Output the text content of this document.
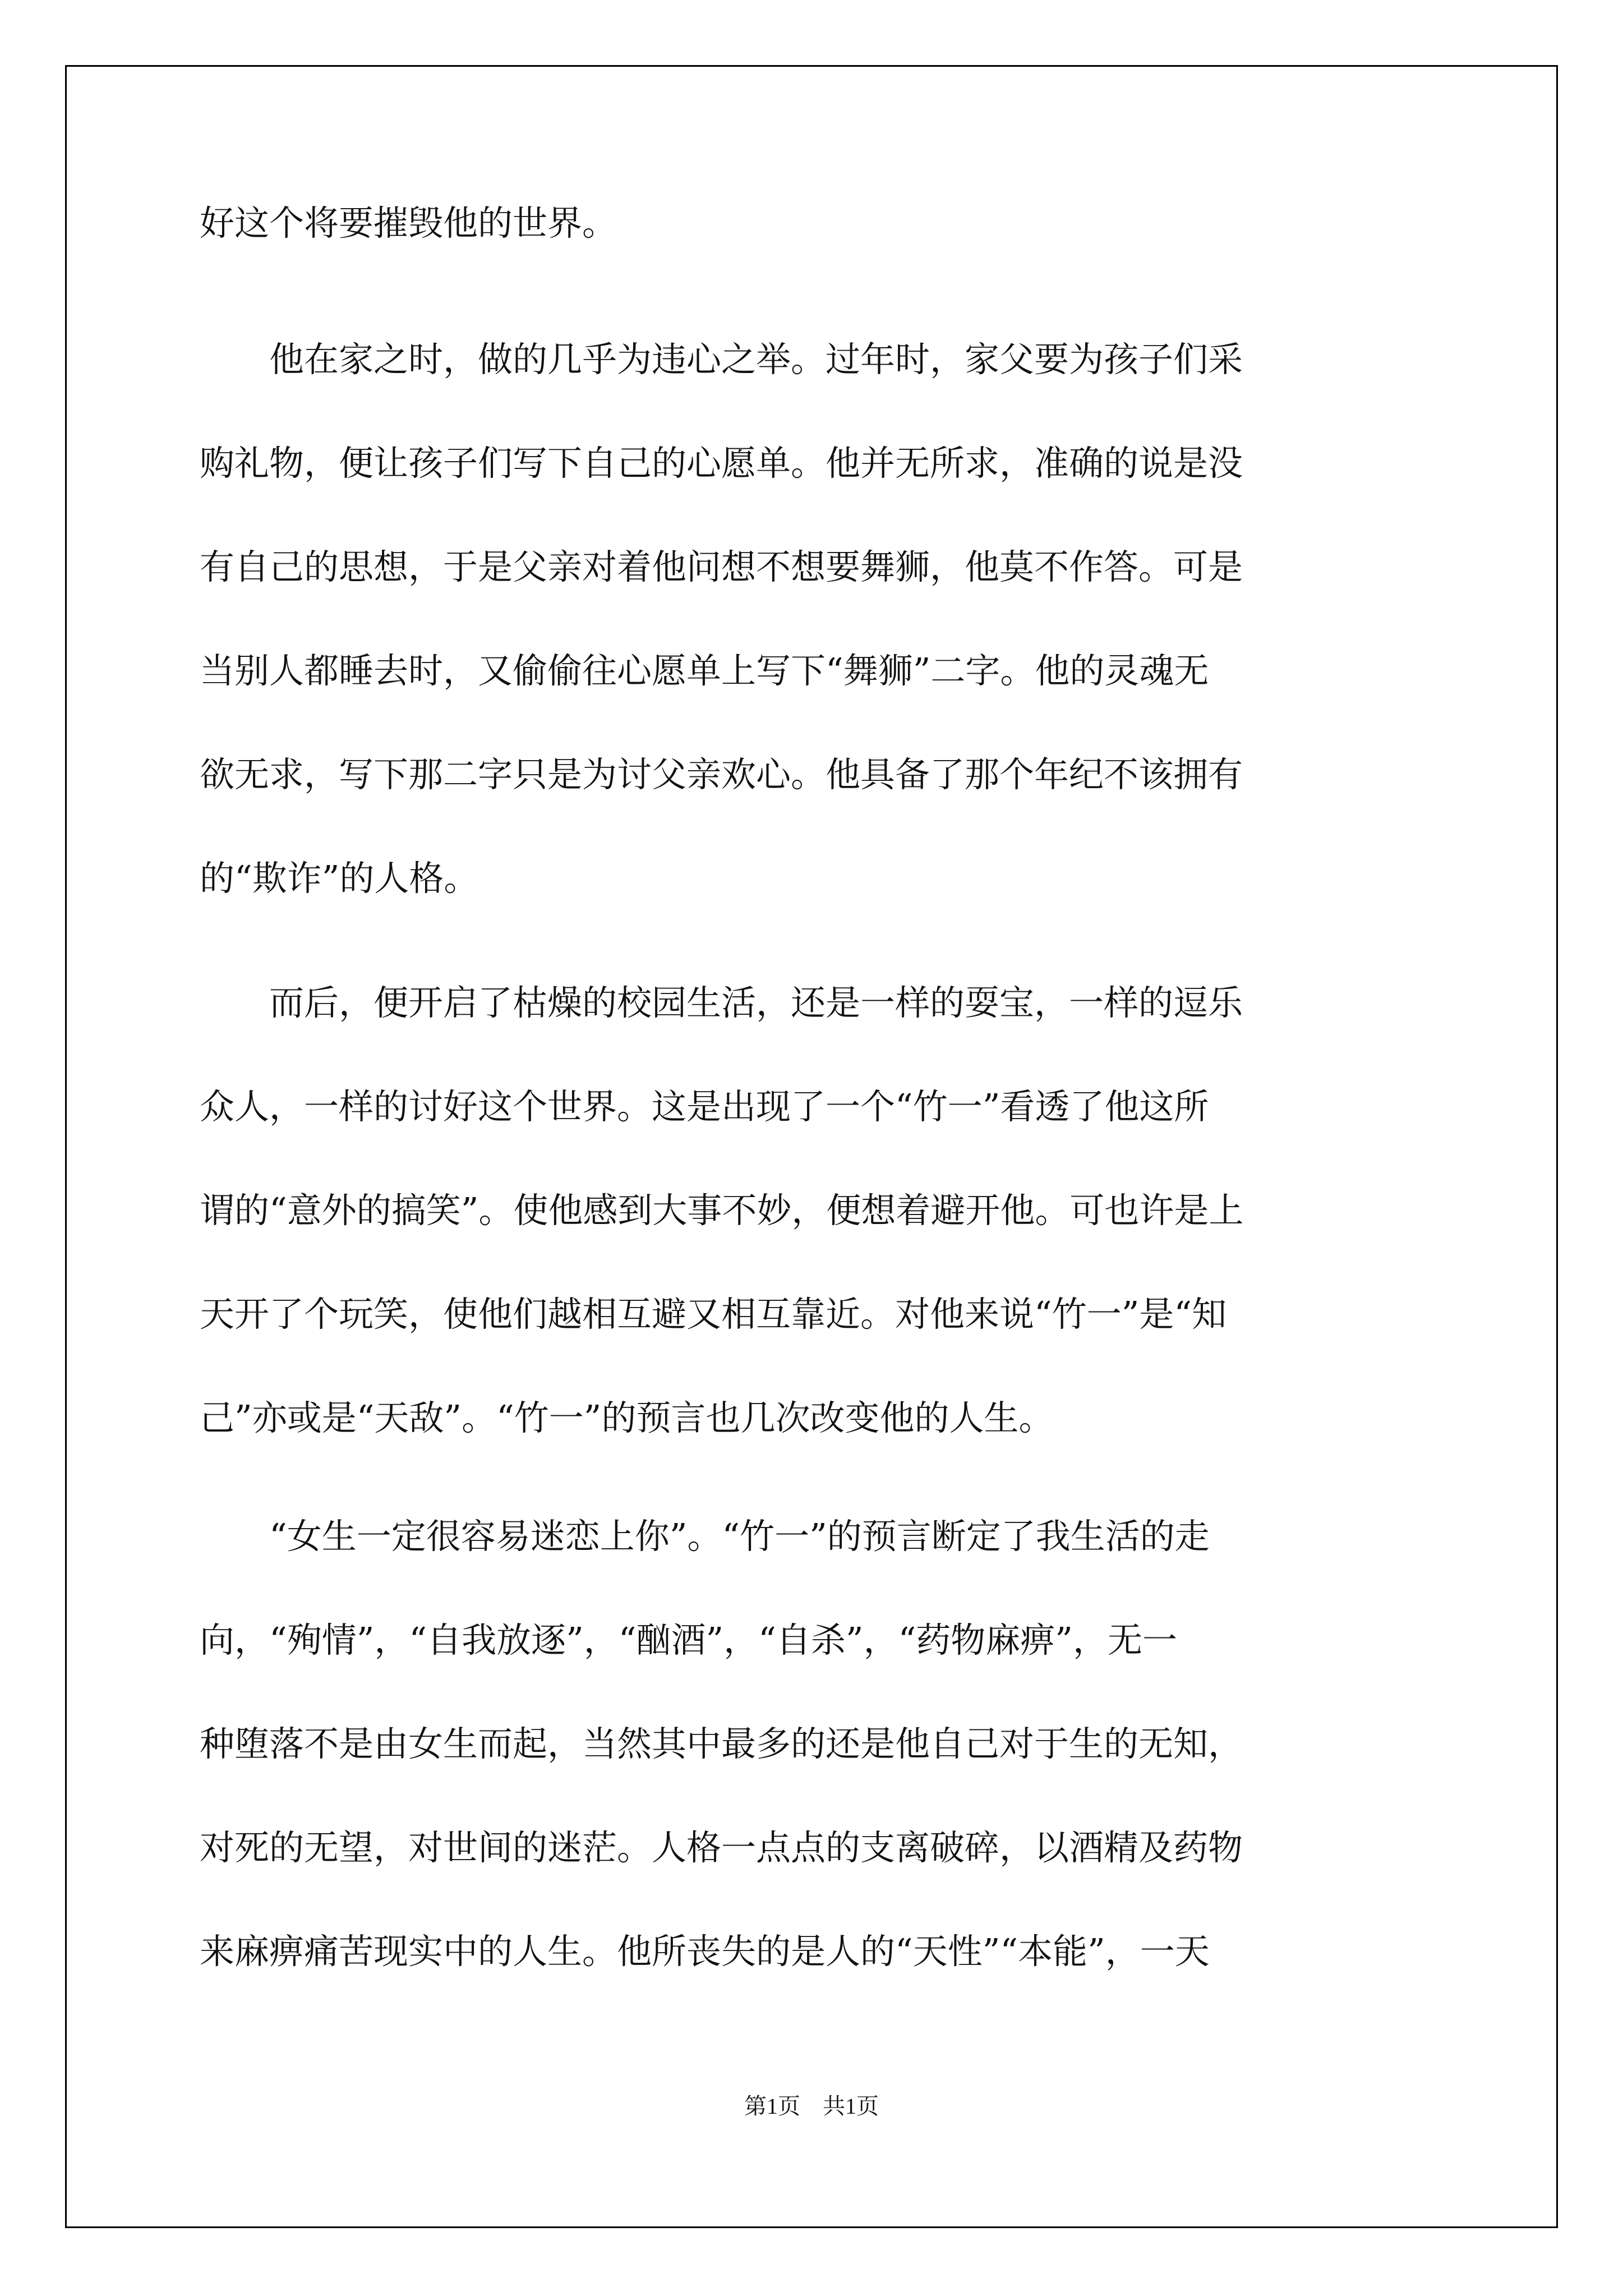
好这个将要摧毁他的世界。

　　他在家之时，做的几乎为违心之举。过年时，家父要为孩子们采

购礼物，便让孩子们写下自己的心愿单。他并无所求，准确的说是没

有自己的思想，于是父亲对着他问想不想要舞狮，他莫不作答。可是

当别人都睡去时，又偷偷往心愿单上写下“舞狮”二字。他的灵魂无

欲无求，写下那二字只是为讨父亲欢心。他具备了那个年纪不该拥有

的“欺诈”的人格。

　　而后，便开启了枯燥的校园生活，还是一样的耍宝，一样的逗乐

众人，一样的讨好这个世界。这是出现了一个“竹一”看透了他这所

谓的“意外的搞笑”。使他感到大事不妙，便想着避开他。可也许是上

天开了个玩笑，使他们越相互避又相互靠近。对他来说“竹一”是“知

己”亦或是“天敌”。“竹一”的预言也几次改变他的人生。

　　“女生一定很容易迷恋上你”。“竹一”的预言断定了我生活的走

向，“殉情”，“自我放逐”，“酗酒”，“自杀”，“药物麻痹”，无一

种堕落不是由女生而起，当然其中最多的还是他自己对于生的无知，

对死的无望，对世间的迷茫。人格一点点的支离破碎，以酒精及药物

来麻痹痛苦现实中的人生。他所丧失的是人的“天性”“本能”，一天

第1页　共1页
